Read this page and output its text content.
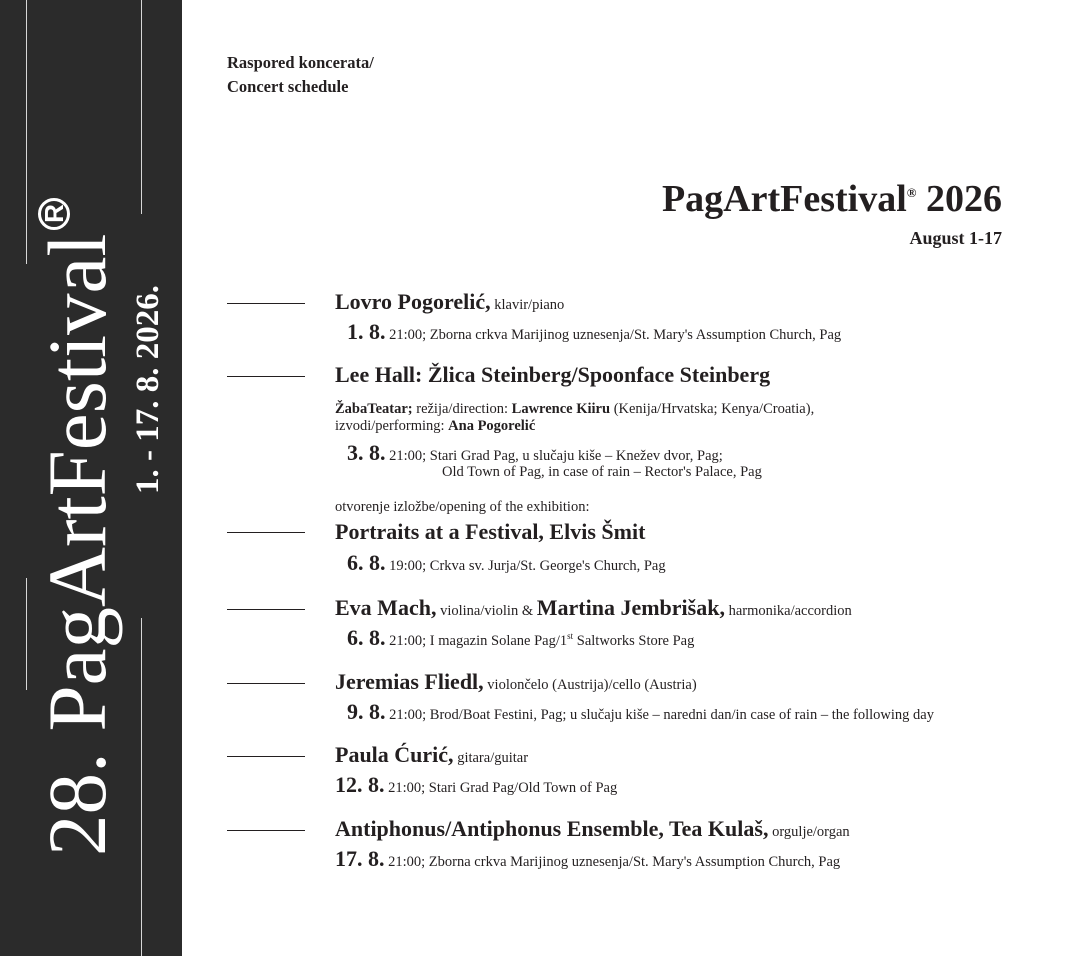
28. PagArtFestivalR
1. - 17. 8. 2026.
Raspored koncerata/
Concert schedule
PagArtFestival® 2026
August 1-17
Lovro Pogorelić, klavir/piano
1. 8. 21:00; Zborna crkva Marijinog uznesenja/St. Mary's Assumption Church, Pag
Lee Hall: Žlica Steinberg/Spoonface Steinberg
ŽabaTeatar; režija/direction: Lawrence Kiiru (Kenija/Hrvatska; Kenya/Croatia),
izvodi/performing: Ana Pogorelić
3. 8. 21:00; Stari Grad Pag, u slučaju kiše – Knežev dvor, Pag;
Old Town of Pag, in case of rain – Rector's Palace, Pag
otvorenje izložbe/opening of the exhibition:
Portraits at a Festival, Elvis Šmit
6. 8. 19:00; Crkva sv. Jurja/St. George's Church, Pag
Eva Mach, violina/violin & Martina Jembrišak, harmonika/accordion
6. 8. 21:00; I magazin Solane Pag/1st Saltworks Store Pag
Jeremias Fliedl, violončelo (Austrija)/cello (Austria)
9. 8. 21:00; Brod/Boat Festini, Pag; u slučaju kiše – naredni dan/in case of rain – the following day
Paula Ćurić, gitara/guitar
12. 8. 21:00; Stari Grad Pag/Old Town of Pag
Antiphonus/Antiphonus Ensemble, Tea Kulaš, orgulje/organ
17. 8. 21:00; Zborna crkva Marijinog uznesenja/St. Mary's Assumption Church, Pag
